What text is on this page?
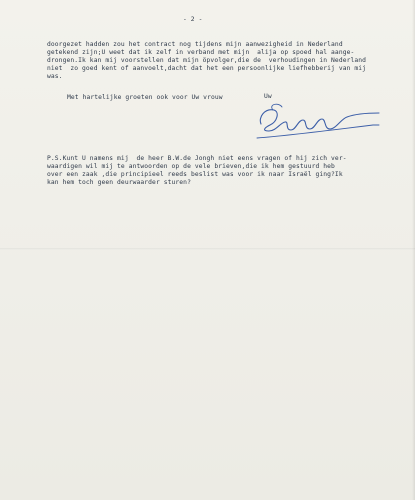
- 2 -

doorgezet hadden zou het contract nog tijdens mijn aanwezigheid in Nederland

getekend zijn;U weet dat ik zelf in verband met mijn  alija op spoed hal aange-

drongen.Ik kan mij voorstellen dat mijn öpvolger,die de  verhoudingen in Nederland

niet  zo goed kent of aanvoelt,dacht dat het een persoonlijke liefhebberij van mij

was.

Met hartelijke groeten ook voor Uw vrouw	Uw

P.S.Kunt U namens mij  de heer B.W.de Jongh niet eens vragen of hij zich ver-

waardigen wil mij te antwoorden op de vele brieven,die ik hem gestuurd heb

over een zaak ,die principieel reeds beslist was voor ik naar Israël ging?Ik

kan hem toch geen deurwaarder sturen?
